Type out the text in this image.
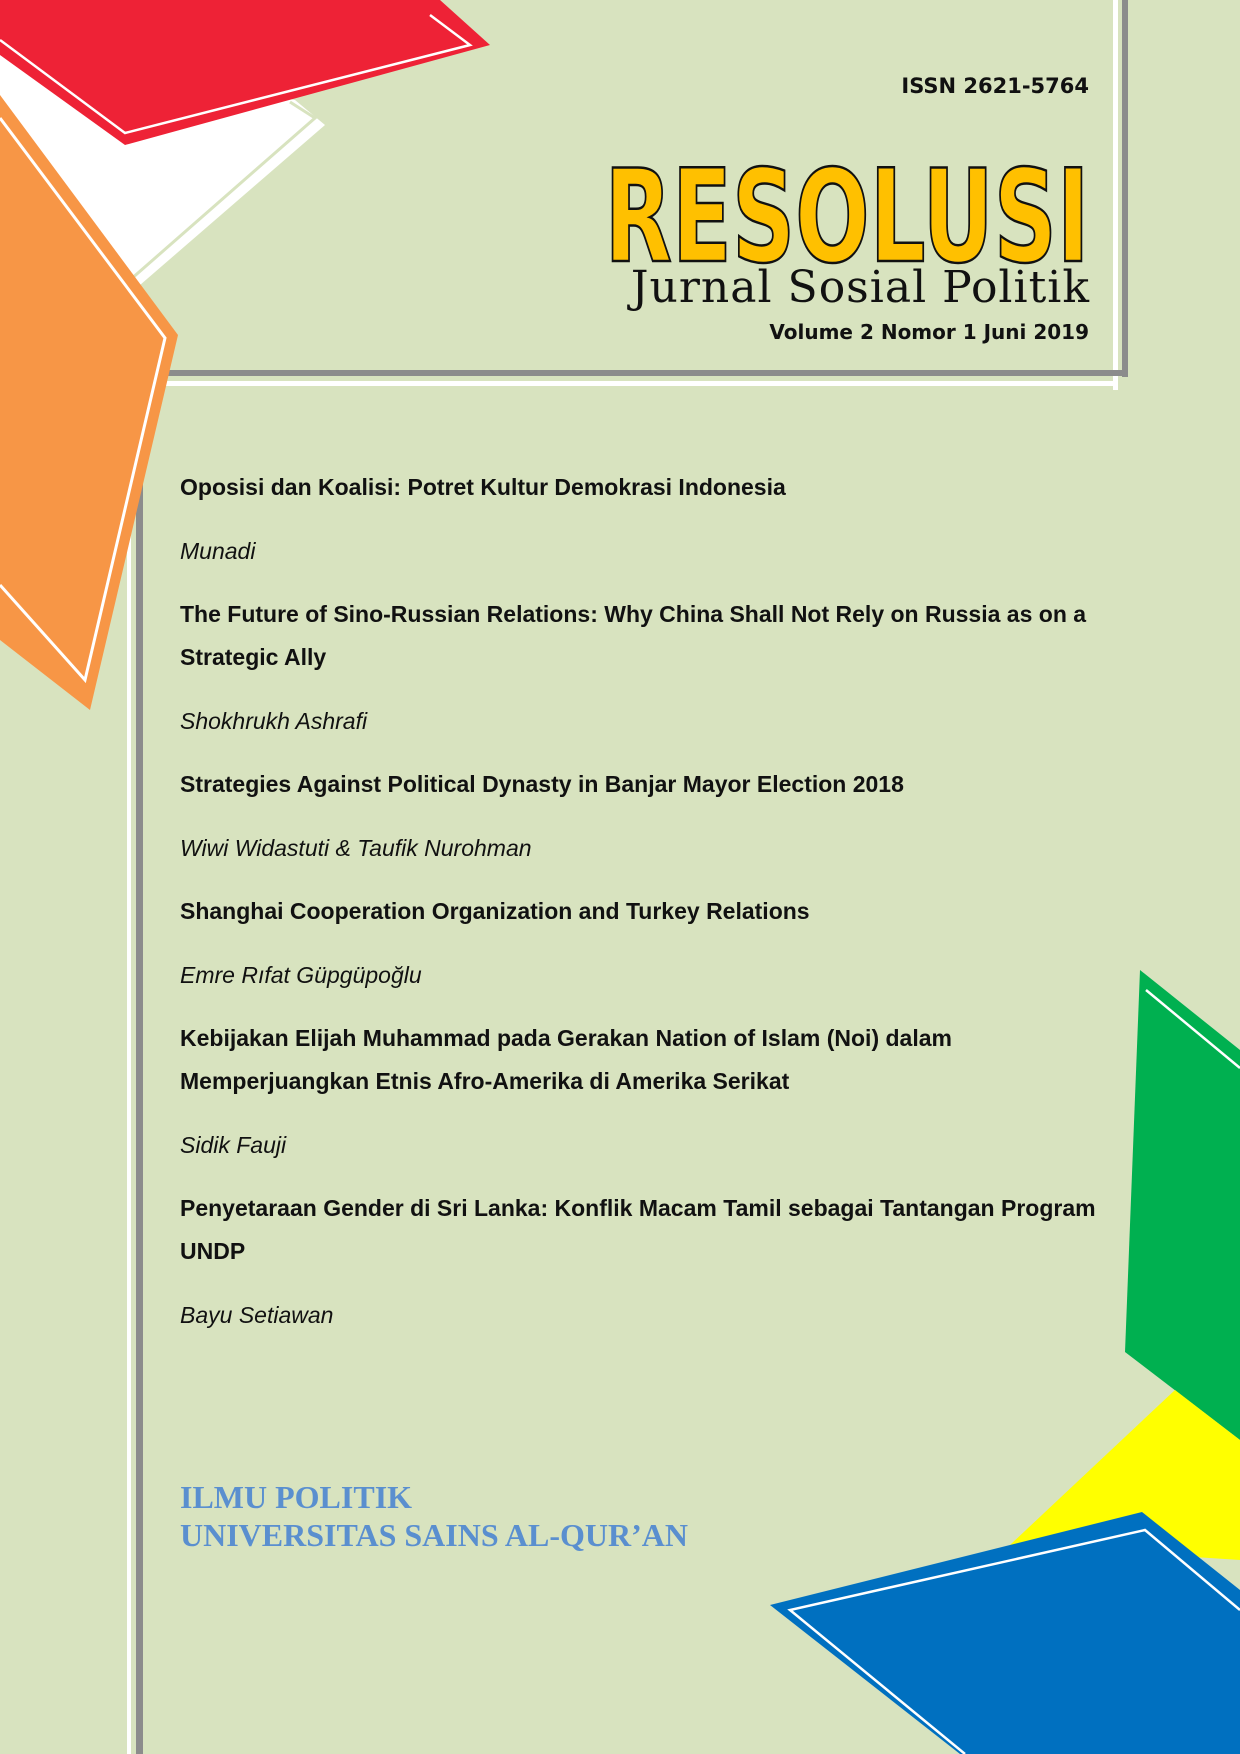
ISSN 2621-5764
RESOLUSI
Jurnal Sosial Politik
Volume 2 Nomor 1 Juni 2019

Oposisi dan Koalisi: Potret Kultur Demokrasi Indonesia

Munadi

The Future of Sino-Russian Relations: Why China Shall Not Rely on Russia as on a Strategic Ally

Shokhrukh Ashrafi

Strategies Against Political Dynasty in Banjar Mayor Election 2018

Wiwi Widastuti & Taufik Nurohman

Shanghai Cooperation Organization and Turkey Relations

Emre Rıfat Güpgüpoğlu

Kebijakan Elijah Muhammad pada Gerakan Nation of Islam (Noi) dalam Memperjuangkan Etnis Afro-Amerika di Amerika Serikat

Sidik Fauji

Penyetaraan Gender di Sri Lanka: Konflik Macam Tamil sebagai Tantangan Program UNDP

Bayu Setiawan

ILMU POLITIK
UNIVERSITAS SAINS AL-QUR’AN
